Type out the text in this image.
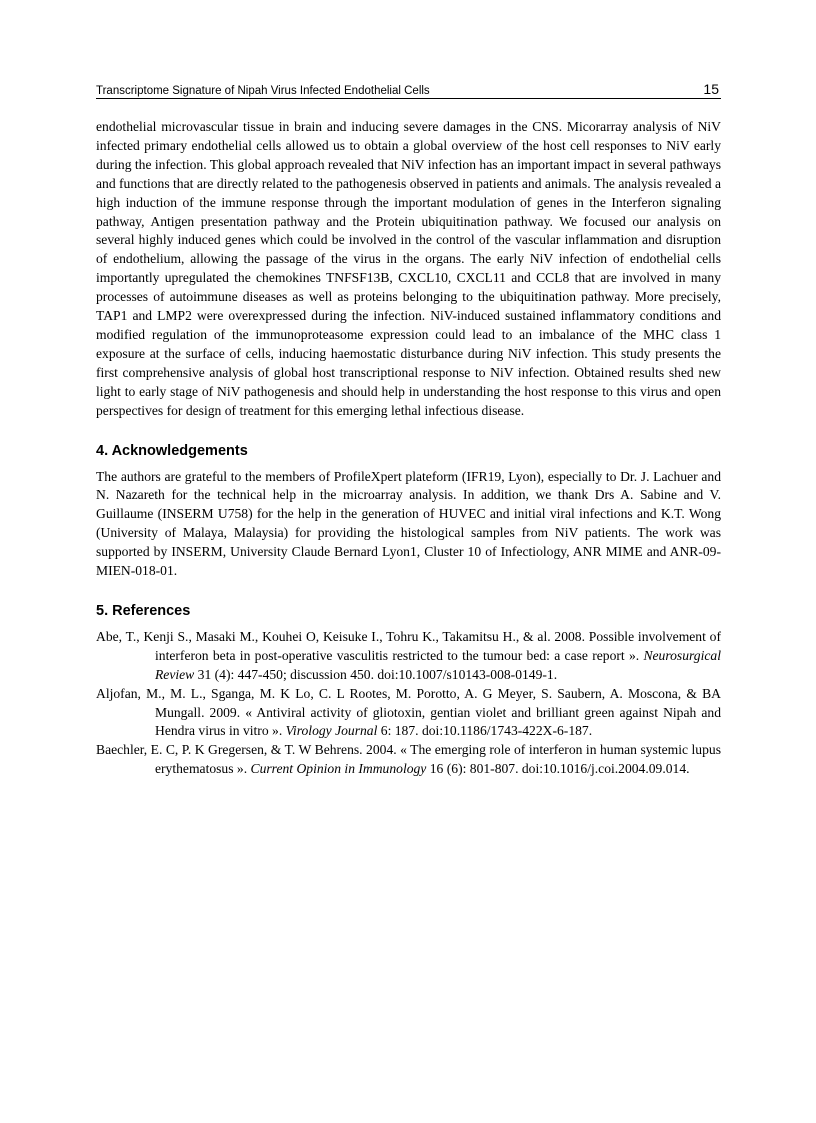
Transcriptome Signature of Nipah Virus Infected Endothelial Cells	15

endothelial microvascular tissue in brain and inducing severe damages in the CNS. Micorarray analysis of NiV infected primary endothelial cells allowed us to obtain a global overview of the host cell responses to NiV early during the infection. This global approach revealed that NiV infection has an important impact in several pathways and functions that are directly related to the pathogenesis observed in patients and animals. The analysis revealed a high induction of the immune response through the important modulation of genes in the Interferon signaling pathway, Antigen presentation pathway and the Protein ubiquitination pathway. We focused our analysis on several highly induced genes which could be involved in the control of the vascular inflammation and disruption of endothelium, allowing the passage of the virus in the organs. The early NiV infection of endothelial cells importantly upregulated the chemokines TNFSF13B, CXCL10, CXCL11 and CCL8 that are involved in many processes of autoimmune diseases as well as proteins belonging to the ubiquitination pathway. More precisely, TAP1 and LMP2 were overexpressed during the infection. NiV-induced sustained inflammatory conditions and modified regulation of the immunoproteasome expression could lead to an imbalance of the MHC class 1 exposure at the surface of cells, inducing haemostatic disturbance during NiV infection. This study presents the first comprehensive analysis of global host transcriptional response to NiV infection. Obtained results shed new light to early stage of NiV pathogenesis and should help in understanding the host response to this virus and open perspectives for design of treatment for this emerging lethal infectious disease.

4. Acknowledgements

The authors are grateful to the members of ProfileXpert plateform (IFR19, Lyon), especially to Dr. J. Lachuer and N. Nazareth for the technical help in the microarray analysis. In addition, we thank Drs A. Sabine and V. Guillaume (INSERM U758) for the help in the generation of HUVEC and initial viral infections and K.T. Wong (University of Malaya, Malaysia) for providing the histological samples from NiV patients. The work was supported by INSERM, University Claude Bernard Lyon1, Cluster 10 of Infectiology, ANR MIME and ANR-09-MIEN-018-01.

5. References

Abe, T., Kenji S., Masaki M., Kouhei O, Keisuke I., Tohru K., Takamitsu H., & al. 2008. Possible involvement of interferon beta in post-operative vasculitis restricted to the tumour bed: a case report ». Neurosurgical Review 31 (4): 447-450; discussion 450. doi:10.1007/s10143-008-0149-1.

Aljofan, M., M. L., Sganga, M. K Lo, C. L Rootes, M. Porotto, A. G Meyer, S. Saubern, A. Moscona, & BA Mungall. 2009. « Antiviral activity of gliotoxin, gentian violet and brilliant green against Nipah and Hendra virus in vitro ». Virology Journal 6: 187. doi:10.1186/1743-422X-6-187.

Baechler, E. C, P. K Gregersen, & T. W Behrens. 2004. « The emerging role of interferon in human systemic lupus erythematosus ». Current Opinion in Immunology 16 (6): 801-807. doi:10.1016/j.coi.2004.09.014.
